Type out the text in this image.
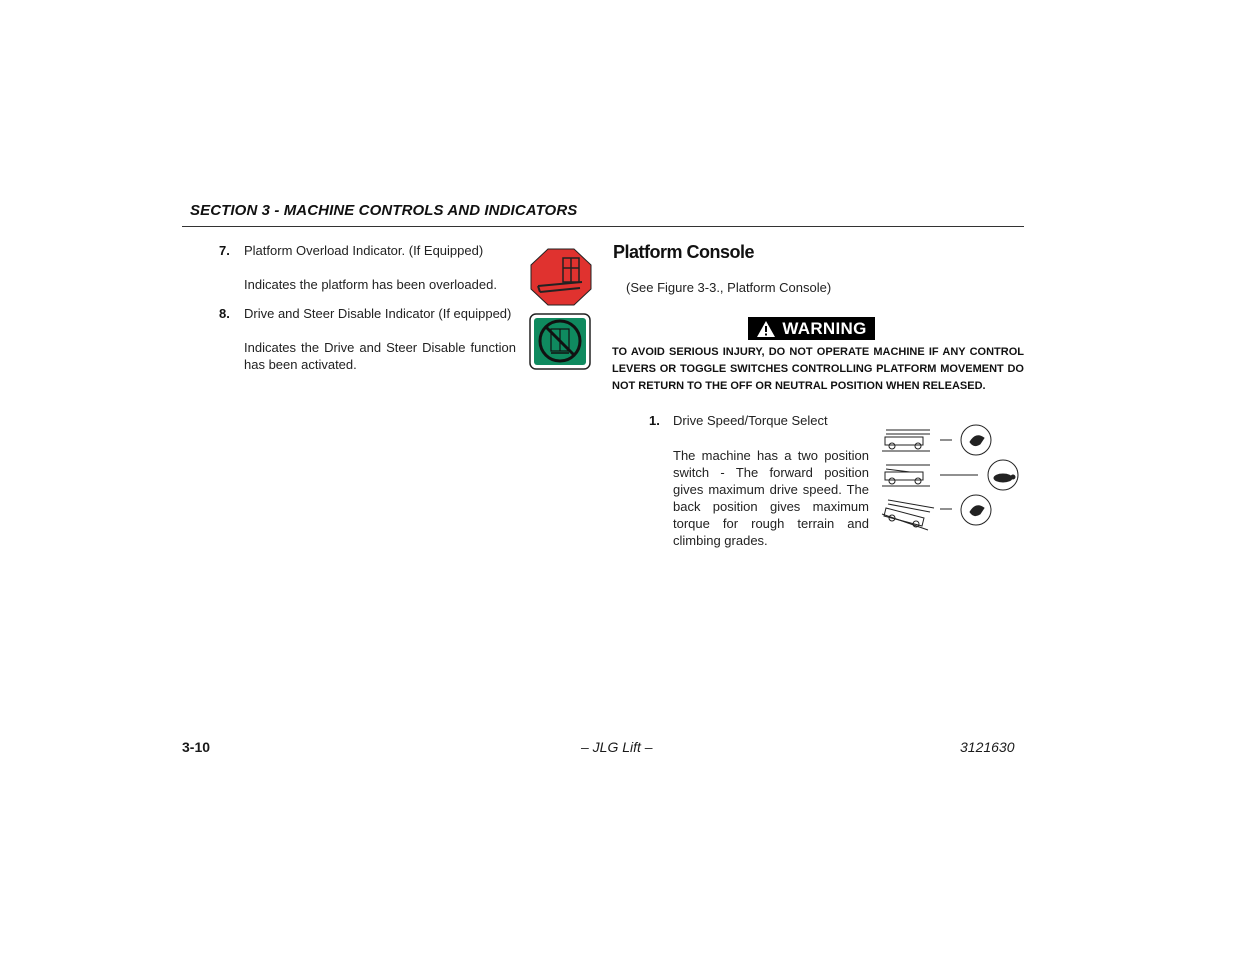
SECTION 3 - MACHINE CONTROLS AND INDICATORS
7. Platform Overload Indicator. (If Equipped)
Indicates the platform has been overloaded.
8. Drive and Steer Disable Indicator (If equipped)
Indicates the Drive and Steer Disable function has been activated.
Platform Console
(See Figure 3-3., Platform Console)
WARNING
TO AVOID SERIOUS INJURY, DO NOT OPERATE MACHINE IF ANY CONTROL LEVERS OR TOGGLE SWITCHES CONTROLLING PLATFORM MOVEMENT DO NOT RETURN TO THE OFF OR NEUTRAL POSITION WHEN RELEASED.
1. Drive Speed/Torque Select
The machine has a two position switch - The forward position gives maximum drive speed. The back position gives maximum torque for rough terrain and climbing grades.
3-10	– JLG Lift –	3121630
